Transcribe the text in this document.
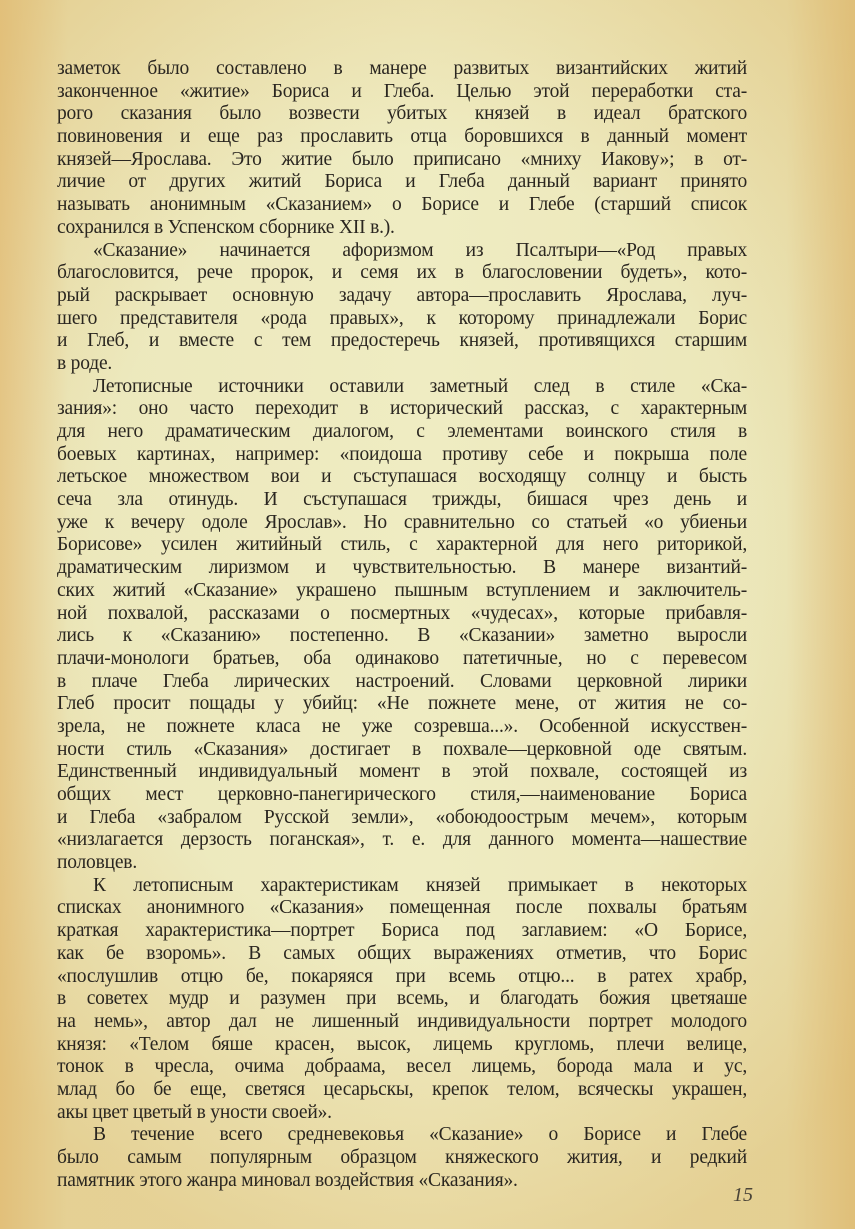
заметок было составлено в манере развитых византийских житий
законченное «житие» Бориса и Глеба. Целью этой переработки ста-
рого сказания было возвести убитых князей в идеал братского
повиновения и еще раз прославить отца боровшихся в данный момент
князей—Ярослава. Это житие было приписано «мниху Иакову»; в от-
личие от других житий Бориса и Глеба данный вариант принято
называть анонимным «Сказанием» о Борисе и Глебе (старший список
сохранился в Успенском сборнике XII в.).
«Сказание» начинается афоризмом из Псалтыри—«Род правых
благословится, рече пророк, и семя их в благословении будеть», кото-
рый раскрывает основную задачу автора—прославить Ярослава, луч-
шего представителя «рода правых», к которому принадлежали Борис
и Глеб, и вместе с тем предостеречь князей, противящихся старшим
в роде.
Летописные источники оставили заметный след в стиле «Ска-
зания»: оно часто переходит в исторический рассказ, с характерным
для него драматическим диалогом, с элементами воинского стиля в
боевых картинах, например: «поидоша противу себе и покрыша поле
летьское множеством вои и съступашася восходящу солнцу и бысть
сеча зла отинудь. И съступашася трижды, бишася чрез день и
уже к вечеру одоле Ярослав». Но сравнительно со статьей «о убиеньи
Борисове» усилен житийный стиль, с характерной для него риторикой,
драматическим лиризмом и чувствительностью. В манере византий-
ских житий «Сказание» украшено пышным вступлением и заключитель-
ной похвалой, рассказами о посмертных «чудесах», которые прибавля-
лись к «Сказанию» постепенно. В «Сказании» заметно выросли
плачи-монологи братьев, оба одинаково патетичные, но с перевесом
в плаче Глеба лирических настроений. Словами церковной лирики
Глеб просит пощады у убийц: «Не пожнете мене, от жития не со-
зрела, не пожнете класа не уже созревша...». Особенной искусствен-
ности стиль «Сказания» достигает в похвале—церковной оде святым.
Единственный индивидуальный момент в этой похвале, состоящей из
общих мест церковно-панегирического стиля,—наименование Бориса
и Глеба «забралом Русской земли», «обоюдоострым мечем», которым
«низлагается дерзость поганская», т. е. для данного момента—нашествие
половцев.
К летописным характеристикам князей примыкает в некоторых
списках анонимного «Сказания» помещенная после похвалы братьям
краткая характеристика—портрет Бориса под заглавием: «О Борисе,
как бе взоромь». В самых общих выражениях отметив, что Борис
«послушлив отцю бе, покаряяся при всемь отцю... в ратех храбр,
в советех мудр и разумен при всемь, и благодать божия цветяаше
на немь», автор дал не лишенный индивидуальности портрет молодого
князя: «Телом бяше красен, высок, лицемь кругломь, плечи велице,
тонок в чресла, очима добраама, весел лицемь, борода мала и ус,
млад бо бе еще, светяся цесарьскы, крепок телом, всяческы украшен,
акы цвет цветый в уности своей».
В течение всего средневековья «Сказание» о Борисе и Глебе
было самым популярным образцом княжеского жития, и редкий
памятник этого жанра миновал воздействия «Сказания».
15
